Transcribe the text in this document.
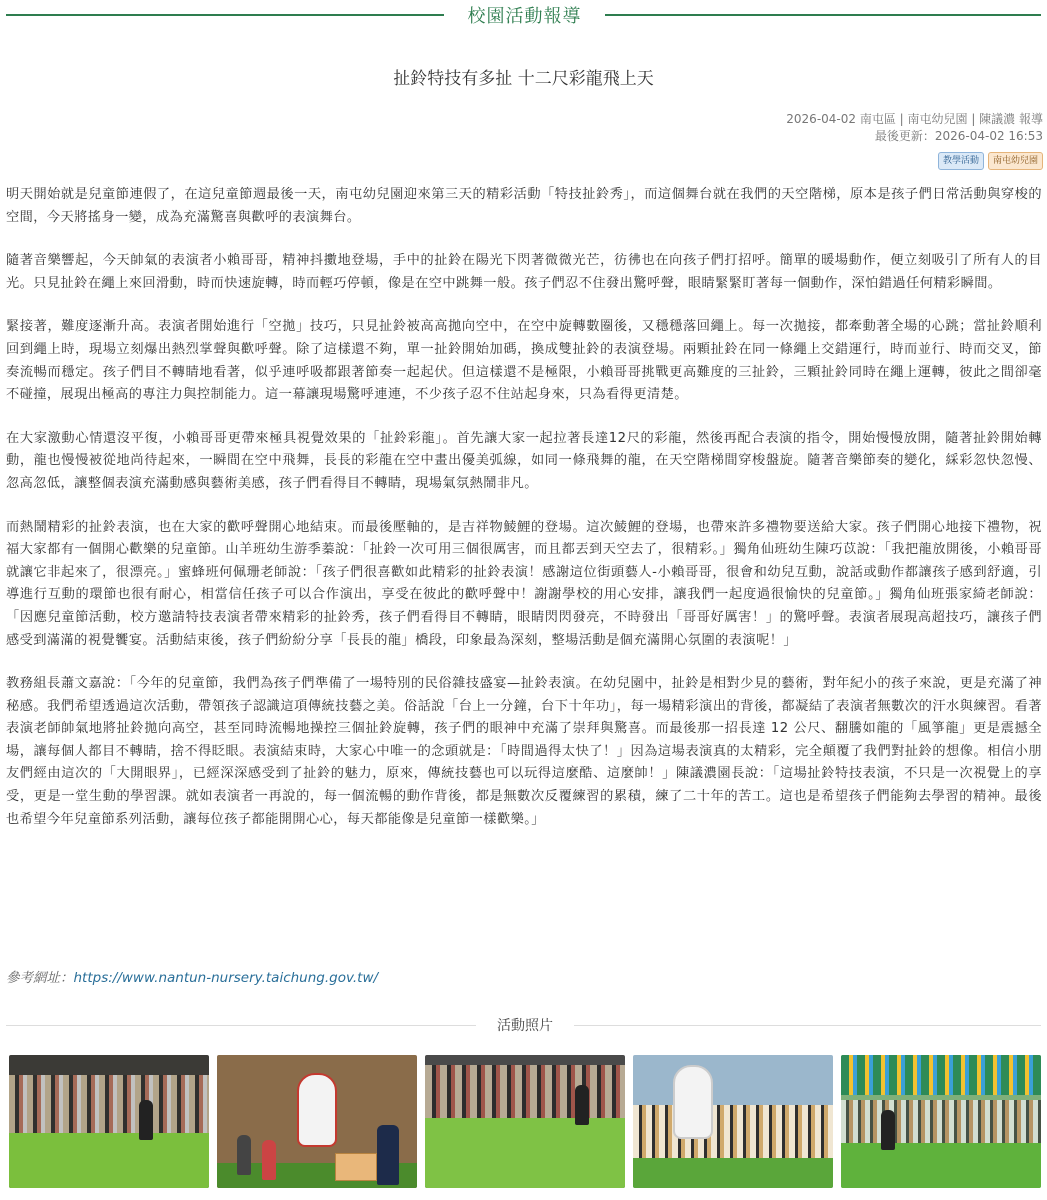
校園活動報導
扯鈴特技有多扯 十二尺彩龍飛上天
2026-04-02 南屯區 | 南屯幼兒園 | 陳議濃 報導
最後更新：2026-04-02 16:53
教學活動	南屯幼兒園

明天開始就是兒童節連假了，在這兒童節週最後一天，南屯幼兒園迎來第三天的精彩活動「特技扯鈴秀」，而這個舞台就在我們的天空階梯，原本是孩子們日常活動與穿梭的空間，今天將搖身一變，成為充滿驚喜與歡呼的表演舞台。

隨著音樂響起，今天帥氣的表演者小賴哥哥，精神抖擻地登場，手中的扯鈴在陽光下閃著微微光芒，彷彿也在向孩子們打招呼。簡單的暖場動作，便立刻吸引了所有人的目光。只見扯鈴在繩上來回滑動，時而快速旋轉，時而輕巧停頓，像是在空中跳舞一般。孩子們忍不住發出驚呼聲，眼睛緊緊盯著每一個動作，深怕錯過任何精彩瞬間。

緊接著，難度逐漸升高。表演者開始進行「空拋」技巧，只見扯鈴被高高拋向空中，在空中旋轉數圈後，又穩穩落回繩上。每一次拋接，都牽動著全場的心跳；當扯鈴順利回到繩上時，現場立刻爆出熱烈掌聲與歡呼聲。除了這樣還不夠，單一扯鈴開始加碼，換成雙扯鈴的表演登場。兩顆扯鈴在同一條繩上交錯運行，時而並行、時而交叉，節奏流暢而穩定。孩子們目不轉睛地看著，似乎連呼吸都跟著節奏一起起伏。但這樣還不是極限，小賴哥哥挑戰更高難度的三扯鈴，三顆扯鈴同時在繩上運轉，彼此之間卻毫不碰撞，展現出極高的專注力與控制能力。這一幕讓現場驚呼連連，不少孩子忍不住站起身來，只為看得更清楚。

在大家激動心情還沒平復，小賴哥哥更帶來極具視覺效果的「扯鈴彩龍」。首先讓大家一起拉著長達12尺的彩龍，然後再配合表演的指令，開始慢慢放開，隨著扯鈴開始轉動，龍也慢慢被從地尚待起來，一瞬間在空中飛舞，長長的彩龍在空中畫出優美弧線，如同一條飛舞的龍，在天空階梯間穿梭盤旋。隨著音樂節奏的變化，綵彩忽快忽慢、忽高忽低，讓整個表演充滿動感與藝術美感，孩子們看得目不轉睛，現場氣氛熱鬧非凡。

而熱鬧精彩的扯鈴表演，也在大家的歡呼聲開心地結束。而最後壓軸的，是吉祥物鯪鯉的登場。這次鯪鯉的登場，也帶來許多禮物要送給大家。孩子們開心地接下禮物，祝福大家都有一個開心歡樂的兒童節。山羊班幼生游季蓁說：「扯鈴一次可用三個很厲害，而且都丟到天空去了，很精彩。」獨角仙班幼生陳巧苡說：「我把龍放開後，小賴哥哥就讓它非起來了，很漂亮。」蜜蜂班何佩珊老師說：「孩子們很喜歡如此精彩的扯鈴表演！感謝這位街頭藝人-小賴哥哥，很會和幼兒互動，說話或動作都讓孩子感到舒適，引導進行互動的環節也很有耐心，相當信任孩子可以合作演出，享受在彼此的歡呼聲中！謝謝學校的用心安排，讓我們一起度過很愉快的兒童節。」獨角仙班張家綺老師說：「因應兒童節活動，校方邀請特技表演者帶來精彩的扯鈴秀，孩子們看得目不轉睛，眼睛閃閃發亮，不時發出「哥哥好厲害！」的驚呼聲。表演者展現高超技巧，讓孩子們感受到滿滿的視覺饗宴。活動結束後，孩子們紛紛分享「長長的龍」橋段，印象最為深刻，整場活動是個充滿開心氛圍的表演呢！」

教務組長蕭文嘉說：「今年的兒童節，我們為孩子們準備了一場特別的民俗雜技盛宴—扯鈴表演。在幼兒園中，扯鈴是相對少見的藝術，對年紀小的孩子來說，更是充滿了神秘感。我們希望透過這次活動，帶領孩子認識這項傳統技藝之美。俗話說「台上一分鐘，台下十年功」，每一場精彩演出的背後，都凝結了表演者無數次的汗水與練習。看著表演老師帥氣地將扯鈴拋向高空，甚至同時流暢地操控三個扯鈴旋轉，孩子們的眼神中充滿了崇拜與驚喜。而最後那一招長達 12 公尺、翻騰如龍的「風箏龍」更是震撼全場，讓每個人都目不轉睛，捨不得眨眼。表演結束時，大家心中唯一的念頭就是：「時間過得太快了！」因為這場表演真的太精彩，完全顛覆了我們對扯鈴的想像。相信小朋友們經由這次的「大開眼界」，已經深深感受到了扯鈴的魅力，原來，傳統技藝也可以玩得這麼酷、這麼帥！」陳議濃園長說：「這場扯鈴特技表演，不只是一次視覺上的享受，更是一堂生動的學習課。就如表演者一再說的，每一個流暢的動作背後，都是無數次反覆練習的累積，練了二十年的苦工。這也是希望孩子們能夠去學習的精神。最後也希望今年兒童節系列活動，讓每位孩子都能開開心心，每天都能像是兒童節一樣歡樂。」

參考網址：https://www.nantun-nursery.taichung.gov.tw/
活動照片
